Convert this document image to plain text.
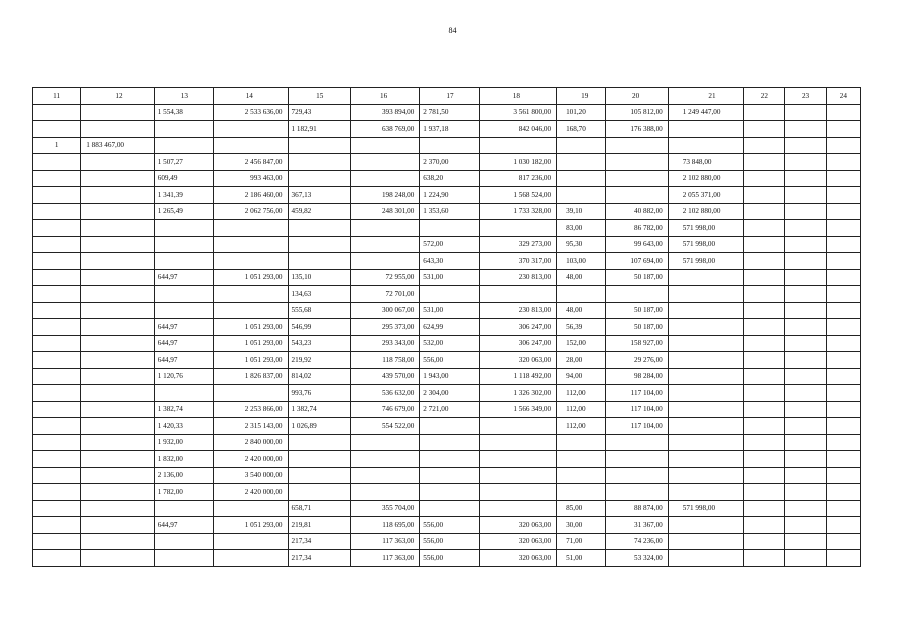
84
11	12	13	14	15	16	17	18	19	20	21	22	23	24
		1 554,38	2 533 636,00	729,43	393 894,00	2 781,50	3 561 800,00	101,20	105 812,00	1 249 447,00			
				1 182,91	638 769,00	1 937,18	842 046,00	168,70	176 388,00				
1	1 883 467,00												
		1 507,27	2 456 847,00			2 370,00	1 030 182,00			73 848,00			
		609,49	993 463,00			638,20	817 236,00			2 102 880,00			
		1 341,39	2 186 460,00	367,13	198 248,00	1 224,90	1 568 524,00			2 055 371,00			
		1 265,49	2 062 756,00	459,82	248 301,00	1 353,60	1 733 328,00	39,10	40 882,00	2 102 880,00			
								83,00	86 782,00	571 998,00			
						572,00	329 273,00	95,30	99 643,00	571 998,00			
						643,30	370 317,00	103,00	107 694,00	571 998,00			
		644,97	1 051 293,00	135,10	72 955,00	531,00	230 813,00	48,00	50 187,00				
				134,63	72 701,00								
				555,68	300 067,00	531,00	230 813,00	48,00	50 187,00				
		644,97	1 051 293,00	546,99	295 373,00	624,99	306 247,00	56,39	50 187,00				
		644,97	1 051 293,00	543,23	293 343,00	532,00	306 247,00	152,00	158 927,00				
		644,97	1 051 293,00	219,92	118 758,00	556,00	320 063,00	28,00	29 276,00				
		1 120,76	1 826 837,00	814,02	439 570,00	1 943,00	1 118 492,00	94,00	98 284,00				
				993,76	536 632,00	2 304,00	1 326 302,00	112,00	117 104,00				
		1 382,74	2 253 866,00	1 382,74	746 679,00	2 721,00	1 566 349,00	112,00	117 104,00				
		1 420,33	2 315 143,00	1 026,89	554 522,00			112,00	117 104,00				
		1 932,00	2 840 000,00										
		1 832,00	2 420 000,00										
		2 136,00	3 540 000,00										
		1 782,00	2 420 000,00										
				658,71	355 704,00			85,00	88 874,00	571 998,00			
		644,97	1 051 293,00	219,81	118 695,00	556,00	320 063,00	30,00	31 367,00				
				217,34	117 363,00	556,00	320 063,00	71,00	74 236,00				
				217,34	117 363,00	556,00	320 063,00	51,00	53 324,00				
